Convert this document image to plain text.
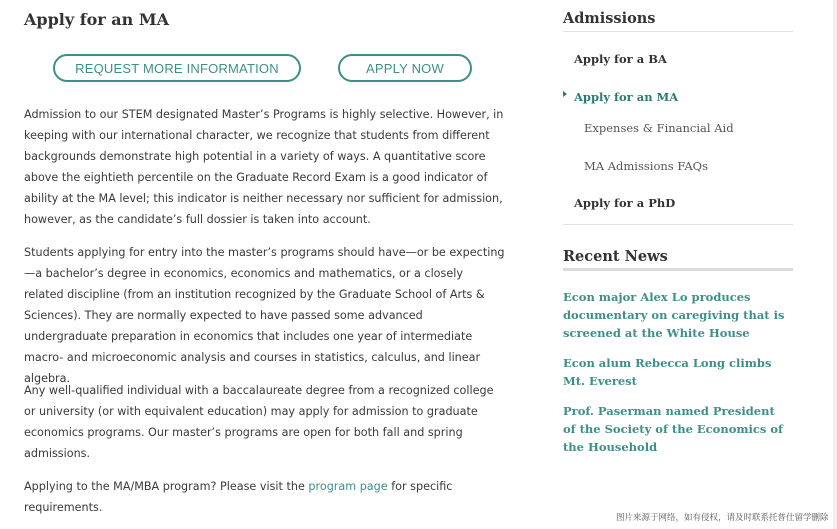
Apply for an MA
REQUEST MORE INFORMATION	APPLY NOW

Admission to our STEM designated Master’s Programs is highly selective. However, in keeping with our international character, we recognize that students from different backgrounds demonstrate high potential in a variety of ways. A quantitative score above the eightieth percentile on the Graduate Record Exam is a good indicator of ability at the MA level; this indicator is neither necessary nor sufficient for admission, however, as the candidate’s full dossier is taken into account.

Students applying for entry into the master’s programs should have—or be expecting—a bachelor’s degree in economics, economics and mathematics, or a closely related discipline (from an institution recognized by the Graduate School of Arts & Sciences). They are normally expected to have passed some advanced undergraduate preparation in economics that includes one year of intermediate macro- and microeconomic analysis and courses in statistics, calculus, and linear algebra.

Any well-qualified individual with a baccalaureate degree from a recognized college or university (or with equivalent education) may apply for admission to graduate economics programs. Our master’s programs are open for both fall and spring admissions.

Applying to the MA/MBA program? Please visit the program page for specific requirements.

Admissions
Apply for a BA
Apply for an MA
Expenses & Financial Aid
MA Admissions FAQs
Apply for a PhD
Recent News
Econ major Alex Lo produces documentary on caregiving that is screened at the White House
Econ alum Rebecca Long climbs Mt. Everest
Prof. Paserman named President of the Society of the Economics of the Household
图片来源于网络，如有侵权，请及时联系托普仕留学删除
